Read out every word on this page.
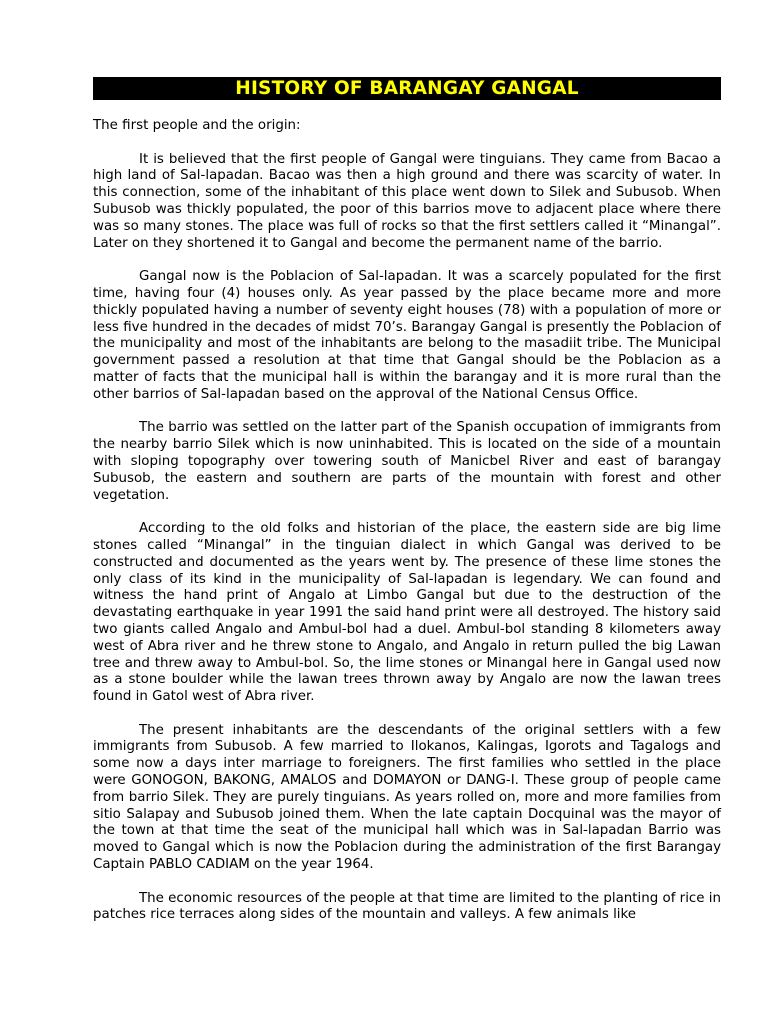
HISTORY OF BARANGAY GANGAL

The first people and the origin:

It is believed that the first people of Gangal were tinguians. They came from Bacao a high land of Sal-lapadan. Bacao was then a high ground and there was scarcity of water. In this connection, some of the inhabitant of this place went down to Silek and Subusob. When Subusob was thickly populated, the poor of this barrios move to adjacent place where there was so many stones. The place was full of rocks so that the first settlers called it “Minangal”. Later on they shortened it to Gangal and become the permanent name of the barrio.

Gangal now is the Poblacion of Sal-lapadan. It was a scarcely populated for the first time, having four (4) houses only. As year passed by the place became more and more thickly populated having a number of seventy eight houses (78) with a population of more or less five hundred in the decades of midst 70’s. Barangay Gangal is presently the Poblacion of the municipality and most of the inhabitants are belong to the masadiit tribe. The Municipal government passed a resolution at that time that Gangal should be the Poblacion as a matter of facts that the municipal hall is within the barangay and it is more rural than the other barrios of Sal-lapadan based on the approval of the National Census Office.

The barrio was settled on the latter part of the Spanish occupation of immigrants from the nearby barrio Silek which is now uninhabited. This is located on the side of a mountain with sloping topography over towering south of Manicbel River and east of barangay Subusob, the eastern and southern are parts of the mountain with forest and other vegetation.

According to the old folks and historian of the place, the eastern side are big lime stones called “Minangal” in the tinguian dialect in which Gangal was derived to be constructed and documented as the years went by. The presence of these lime stones the only class of its kind in the municipality of Sal-lapadan is legendary. We can found and witness the hand print of Angalo at Limbo Gangal but due to the destruction of the devastating earthquake in year 1991 the said hand print were all destroyed. The history said two giants called Angalo and Ambul-bol had a duel. Ambul-bol standing 8 kilometers away west of Abra river and he threw stone to Angalo, and Angalo in return pulled the big Lawan tree and threw away to Ambul-bol. So, the lime stones or Minangal here in Gangal used now as a stone boulder while the lawan trees thrown away by Angalo are now the lawan trees found in Gatol west of Abra river.

The present inhabitants are the descendants of the original settlers with a few immigrants from Subusob. A few married to Ilokanos, Kalingas, Igorots and Tagalogs and some now a days inter marriage to foreigners. The first families who settled in the place were GONOGON, BAKONG, AMALOS and DOMAYON or DANG-I. These group of people came from barrio Silek. They are purely tinguians. As years rolled on, more and more families from sitio Salapay and Subusob joined them. When the late captain Docquinal was the mayor of the town at that time the seat of the municipal hall which was in Sal-lapadan Barrio was moved to Gangal which is now the Poblacion during the administration of the first Barangay Captain PABLO CADIAM on the year 1964.

The economic resources of the people at that time are limited to the planting of rice in patches rice terraces along sides of the mountain and valleys. A few animals like
